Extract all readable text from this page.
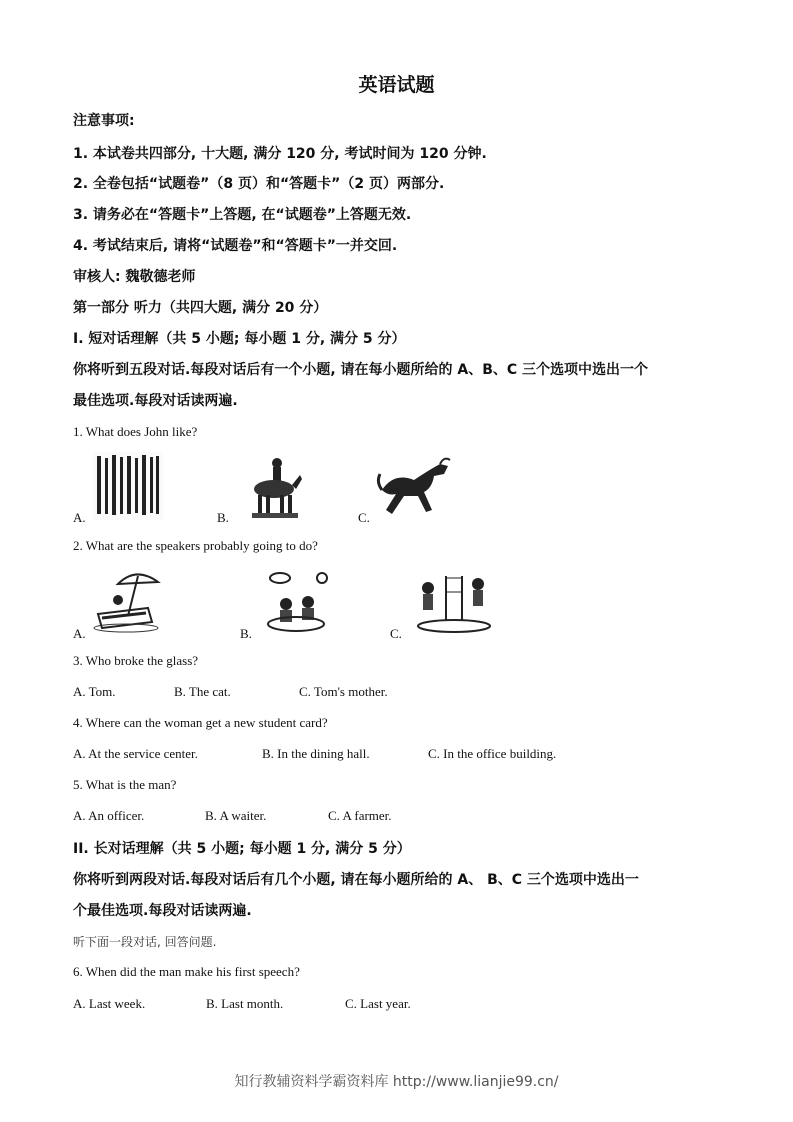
英语试题
注意事项:
1. 本试卷共四部分, 十大题, 满分 120 分, 考试时间为 120 分钟.
2. 全卷包括“试题卷”（8 页）和“答题卡”（2 页）两部分.
3. 请务必在“答题卡”上答题, 在“试题卷”上答题无效.
4. 考试结束后, 请将“试题卷”和“答题卡”一并交回.
审核人: 魏敬德老师
第一部分 听力（共四大题, 满分 20 分）
I. 短对话理解（共 5 小题; 每小题 1 分, 满分 5 分）
你将听到五段对话.每段对话后有一个小题, 请在每小题所给的 A、B、C 三个选项中选出一个
最佳选项.每段对话读两遍.
1. What does John like?
A.	B.	C.
2. What are the speakers probably going to do?
A.	B.	C.
3. Who broke the glass?
A. Tom.	B. The cat.	C. Tom's mother.
4. Where can the woman get a new student card?
A. At the service center.	B. In the dining hall.	C. In the office building.
5. What is the man?
A. An officer.	B. A waiter.	C. A farmer.
II. 长对话理解（共 5 小题; 每小题 1 分, 满分 5 分）
你将听到两段对话.每段对话后有几个小题, 请在每小题所给的 A、 B、C 三个选项中选出一
个最佳选项.每段对话读两遍.
听下面一段对话, 回答问题.
6. When did the man make his first speech?
A. Last week.	B. Last month.	C. Last year.
知行教辅资料学霸资料库 http://www.lianjie99.cn/
